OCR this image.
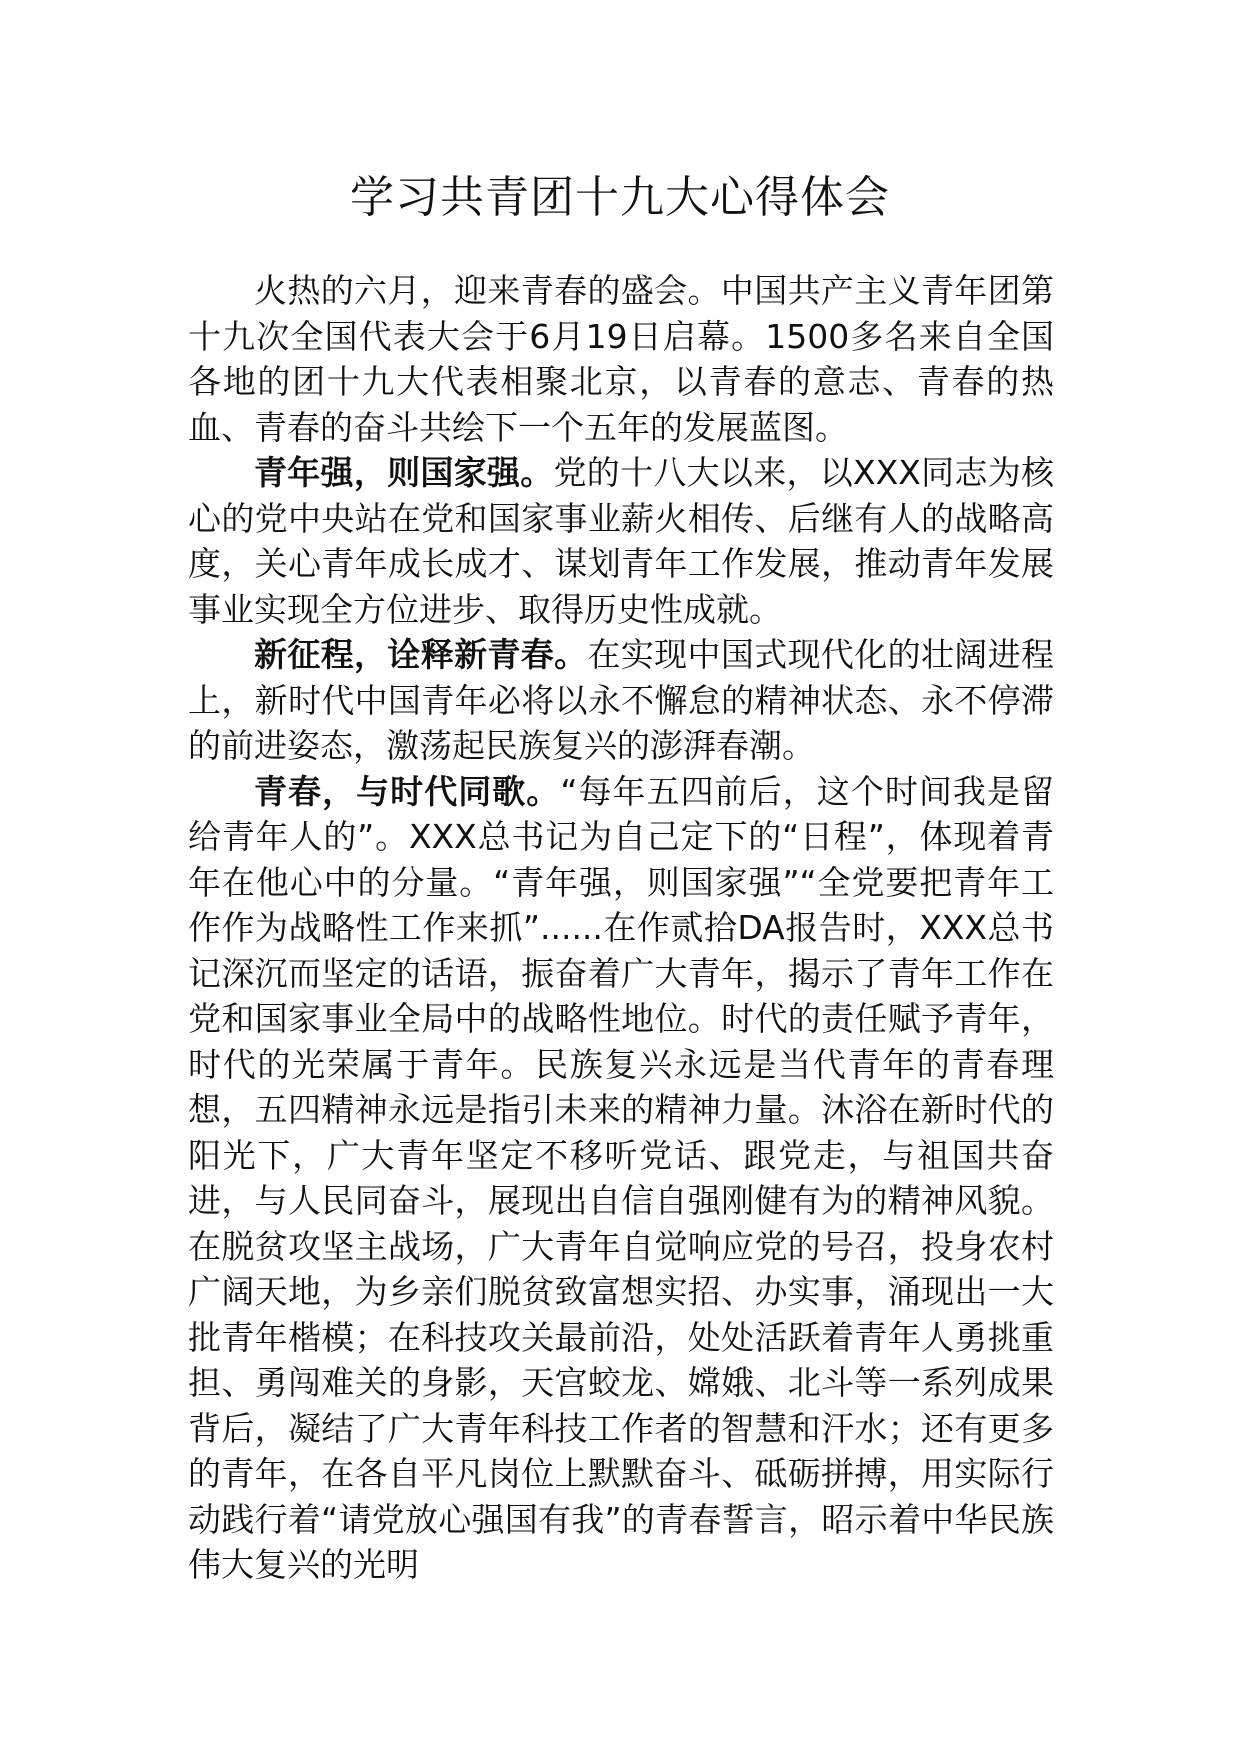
学习共青团十九大心得体会

火热的六月，迎来青春的盛会。中国共产主义青年团第十九次全国代表大会于6月19日启幕。1500多名来自全国各地的团十九大代表相聚北京，以青春的意志、青春的热血、青春的奋斗共绘下一个五年的发展蓝图。

青年强，则国家强。党的十八大以来，以XXX同志为核心的党中央站在党和国家事业薪火相传、后继有人的战略高度，关心青年成长成才、谋划青年工作发展，推动青年发展事业实现全方位进步、取得历史性成就。

新征程，诠释新青春。在实现中国式现代化的壮阔进程上，新时代中国青年必将以永不懈怠的精神状态、永不停滞的前进姿态，激荡起民族复兴的澎湃春潮。

青春，与时代同歌。“每年五四前后，这个时间我是留给青年人的”。XXX总书记为自己定下的“日程”，体现着青年在他心中的分量。“青年强，则国家强”“全党要把青年工作作为战略性工作来抓”......在作贰拾DA报告时，XXX总书记深沉而坚定的话语，振奋着广大青年，揭示了青年工作在党和国家事业全局中的战略性地位。时代的责任赋予青年，时代的光荣属于青年。民族复兴永远是当代青年的青春理想，五四精神永远是指引未来的精神力量。沐浴在新时代的阳光下，广大青年坚定不移听党话、跟党走，与祖国共奋进，与人民同奋斗，展现出自信自强刚健有为的精神风貌。在脱贫攻坚主战场，广大青年自觉响应党的号召，投身农村广阔天地，为乡亲们脱贫致富想实招、办实事，涌现出一大批青年楷模；在科技攻关最前沿，处处活跃着青年人勇挑重担、勇闯难关的身影，天宫蛟龙、嫦娥、北斗等一系列成果背后，凝结了广大青年科技工作者的智慧和汗水；还有更多的青年，在各自平凡岗位上默默奋斗、砥砺拼搏，用实际行动践行着“请党放心强国有我”的青春誓言，昭示着中华民族伟大复兴的光明
